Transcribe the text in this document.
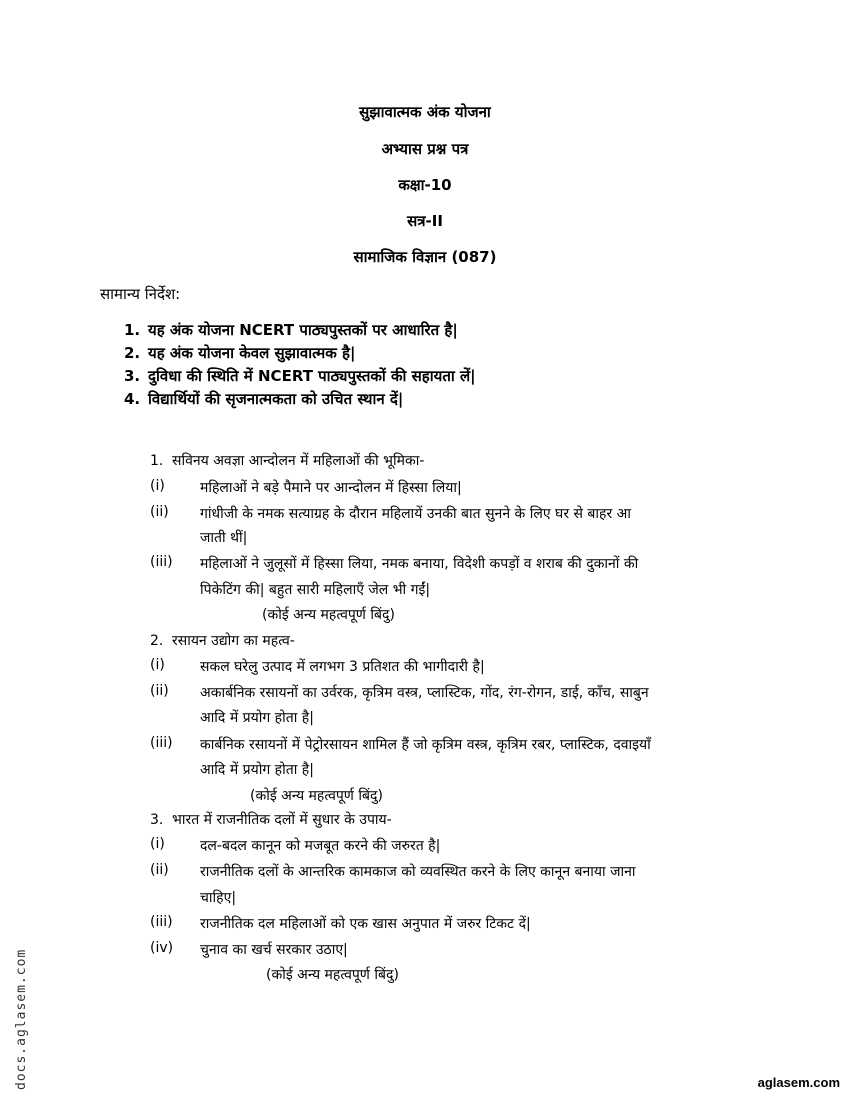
सुझावात्मक अंक योजना
अभ्यास प्रश्न पत्र
कक्षा-10
सत्र-II
सामाजिक विज्ञान (087)
सामान्य निर्देश:
1. यह अंक योजना NCERT पाठ्यपुस्तकों पर आधारित है|
2. यह अंक योजना केवल सुझावात्मक है|
3. दुविधा की स्थिति में NCERT पाठ्यपुस्तकों की सहायता लें|
4. विद्यार्थियों की सृजनात्मकता को उचित स्थान दें|
1. सविनय अवज्ञा आन्दोलन में महिलाओं की भूमिका-
(i)	महिलाओं ने बड़े पैमाने पर आन्दोलन में हिस्सा लिया|
(ii) गांधीजी के नमक सत्याग्रह के दौरान महिलायें उनकी बात सुनने के लिए घर से बाहर आ
जाती थीं|
(iii) महिलाओं ने जुलूसों में हिस्सा लिया, नमक बनाया, विदेशी कपड़ों व शराब की दुकानों की
पिकेटिंग की| बहुत सारी महिलाएँ जेल भी गईं|
(कोई अन्य महत्वपूर्ण बिंदु)
2. रसायन उद्योग का महत्व-
(i)	सकल घरेलु उत्पाद में लगभग 3 प्रतिशत की भागीदारी है|
(ii) अकार्बनिक रसायनों का उर्वरक, कृत्रिम वस्त्र, प्लास्टिक, गोंद, रंग-रोगन, डाई, काँच, साबुन
आदि में प्रयोग होता है|
(iii) कार्बनिक रसायनों में पेट्रोरसायन शामिल हैं जो कृत्रिम वस्त्र, कृत्रिम रबर, प्लास्टिक, दवाइयाँ
आदि में प्रयोग होता है|
(कोई अन्य महत्वपूर्ण बिंदु)
3. भारत में राजनीतिक दलों में सुधार के उपाय-
(i)	दल-बदल कानून को मजबूत करने की जरुरत है|
(ii) राजनीतिक दलों के आन्तरिक कामकाज को व्यवस्थित करने के लिए कानून बनाया जाना
चाहिए|
(iii) राजनीतिक दल महिलाओं को एक खास अनुपात में जरुर टिकट दें|
(iv) चुनाव का खर्च सरकार उठाए|
(कोई अन्य महत्वपूर्ण बिंदु)
docs.aglasem.com	aglasem.com
